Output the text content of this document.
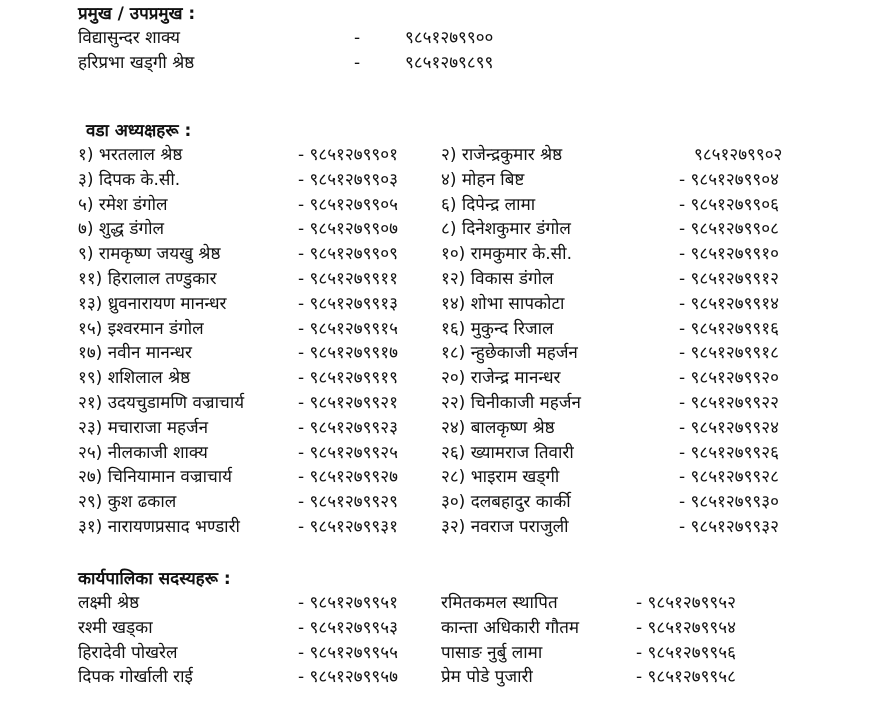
प्रमुख / उपप्रमुख :
वडा अध्यक्षहरू :
कार्यपालिका सदस्यहरू :
विद्यासुन्दर शाक्य	-	९८५१२७९९००
हरिप्रभा खड्गी श्रेष्ठ	-	९८५१२७९८९९
१) भरतलाल श्रेष्ठ	- ९८५१२७९९०१	२) राजेन्द्रकुमार श्रेष्ठ	९८५१२७९९०२
३) दिपक के.सी.	- ९८५१२७९९०३	४) मोहन बिष्ट	- ९८५१२७९९०४
५) रमेश डंगोल	- ९८५१२७९९०५	६) दिपेन्द्र लामा	- ९८५१२७९९०६
७) शुद्ध डंगोल	- ९८५१२७९९०७	८) दिनेशकुमार डंगोल	- ९८५१२७९९०८
९) रामकृष्ण जयखु श्रेष्ठ	- ९८५१२७९९०९	१०) रामकुमार के.सी.	- ९८५१२७९९१०
११) हिरालाल तण्डुकार	- ९८५१२७९९११	१२) विकास डंगोल	- ९८५१२७९९१२
१३) ध्रुवनारायण मानन्धर	- ९८५१२७९९१३	१४) शोभा सापकोटा	- ९८५१२७९९१४
१५) इश्वरमान डंगोल	- ९८५१२७९९१५	१६) मुकुन्द रिजाल	- ९८५१२७९९१६
१७) नवीन मानन्धर	- ९८५१२७९९१७	१८) न्हुछेकाजी महर्जन	- ९८५१२७९९१८
१९) शशिलाल श्रेष्ठ	- ९८५१२७९९१९	२०) राजेन्द्र मानन्धर	- ९८५१२७९९२०
२१) उदयचुडामणि वज्राचार्य	- ९८५१२७९९२१	२२) चिनीकाजी महर्जन	- ९८५१२७९९२२
२३) मचाराजा महर्जन	- ९८५१२७९९२३	२४) बालकृष्ण श्रेष्ठ	- ९८५१२७९९२४
२५) नीलकाजी शाक्य	- ९८५१२७९९२५	२६) ख्यामराज तिवारी	- ९८५१२७९९२६
२७) चिनियामान वज्राचार्य	- ९८५१२७९९२७	२८) भाइराम खड्गी	- ९८५१२७९९२८
२९) कुश ढकाल	- ९८५१२७९९२९	३०) दलबहादुर कार्की	- ९८५१२७९९३०
३१) नारायणप्रसाद भण्डारी	- ९८५१२७९९३१	३२) नवराज पराजुली	- ९८५१२७९९३२
लक्ष्मी श्रेष्ठ	- ९८५१२७९९५१	रमितकमल स्थापित	- ९८५१२७९९५२
रश्मी खड्का	- ९८५१२७९९५३	कान्ता अधिकारी गौतम	- ९८५१२७९९५४
हिरादेवी पोखरेल	- ९८५१२७९९५५	पासाङ नुर्बु लामा	- ९८५१२७९९५६
दिपक गोर्खाली राई	- ९८५१२७९९५७	प्रेम पोडे पुजारी	- ९८५१२७९९५८
